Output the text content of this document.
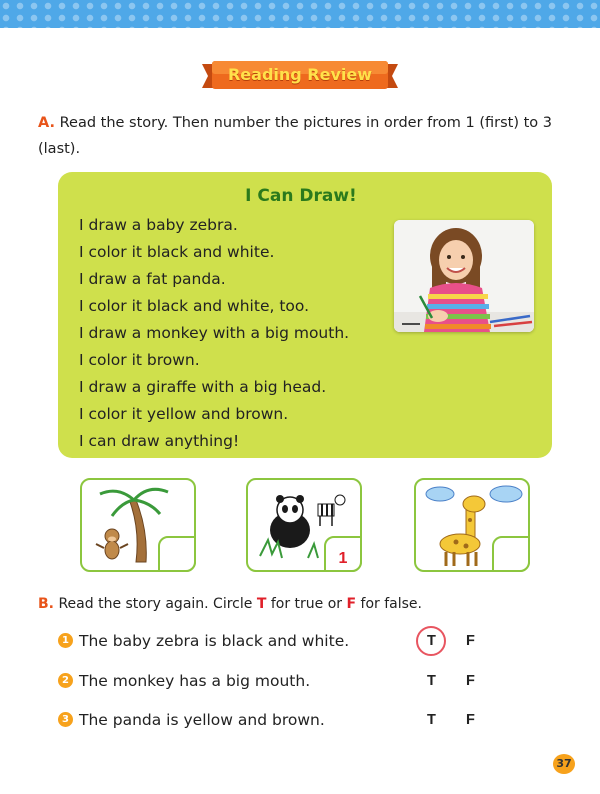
Reading Review
A. Read the story. Then number the pictures in order from 1 (first) to 3 (last).
I Can Draw!
I draw a baby zebra.
I color it black and white.
I draw a fat panda.
I color it black and white, too.
I draw a monkey with a big mouth.
I color it brown.
I draw a giraffe with a big head.
I color it yellow and brown.
I can draw anything!
1
B. Read the story again. Circle T for true or F for false.
1 The baby zebra is black and white.	T F
2 The monkey has a big mouth.	T F
3 The panda is yellow and brown.	T F
37
